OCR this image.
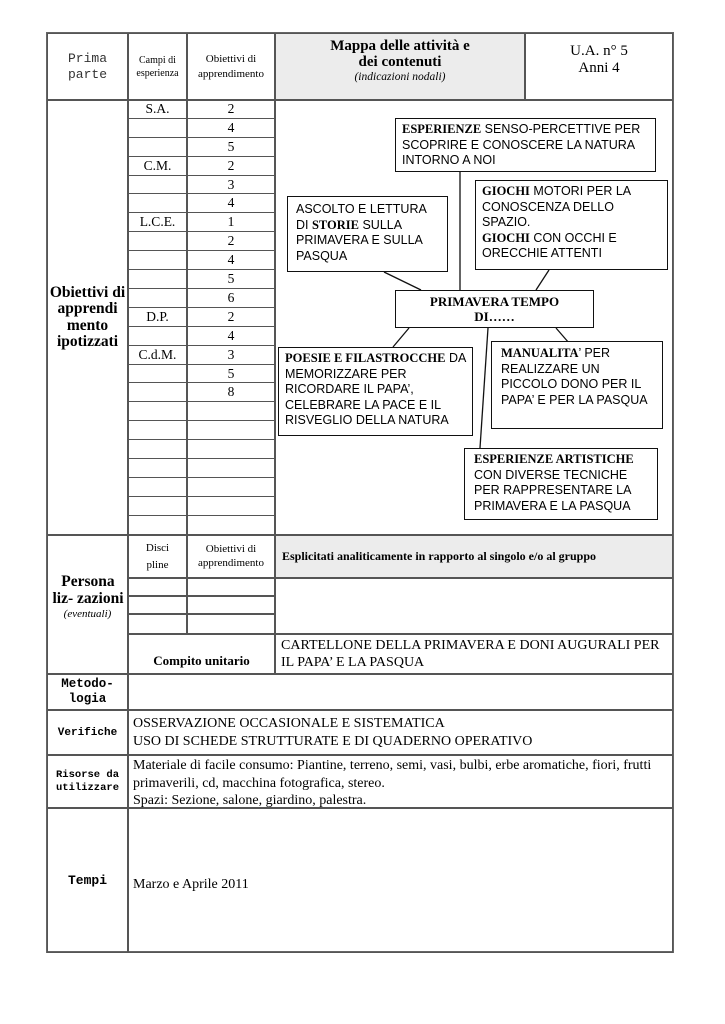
Prima parte
Campi di esperienza
Obiettivi di apprendimento
Mappa delle attività e dei contenuti
(indicazioni nodali)
U.A. n° 5
Anni 4
Obiettivi di apprendi mento ipotizzati
S.A.	2
4
5
C.M.	2
3
4
L.C.E.	1
2
4
5
6
D.P.	2
4
C.d.M.	3
5
8
ESPERIENZE SENSO-PERCETTIVE PER SCOPRIRE E CONOSCERE LA NATURA INTORNO A NOI
GIOCHI MOTORI PER LA CONOSCENZA DELLO SPAZIO.
GIOCHI CON OCCHI E ORECCHIE ATTENTI
ASCOLTO E LETTURA DI STORIE SULLA PRIMAVERA E SULLA PASQUA
PRIMAVERA TEMPO DI……
POESIE E FILASTROCCHE DA MEMORIZZARE PER RICORDARE IL PAPA’, CELEBRARE LA PACE E IL RISVEGLIO DELLA NATURA
MANUALITA’ PER REALIZZARE UN PICCOLO DONO PER IL PAPA’ E PER LA PASQUA
ESPERIENZE ARTISTICHE CON DIVERSE TECNICHE PER RAPPRESENTARE LA PRIMAVERA E LA PASQUA
Persona liz- zazioni
(eventuali)
Disci pline
Obiettivi di apprendimento	Esplicitati analiticamente in rapporto al singolo e/o al gruppo
Compito unitario
CARTELLONE DELLA PRIMAVERA E DONI AUGURALI PER IL PAPA’ E LA PASQUA
Metodo- logia
Verifiche
OSSERVAZIONE OCCASIONALE E SISTEMATICA
USO DI SCHEDE STRUTTURATE E DI QUADERNO OPERATIVO
Risorse da utilizzare
Materiale di facile consumo: Piantine, terreno, semi, vasi, bulbi, erbe aromatiche, fiori, frutti primaverili, cd, macchina fotografica, stereo.
Spazi: Sezione, salone, giardino, palestra.
Tempi Marzo e Aprile 2011
